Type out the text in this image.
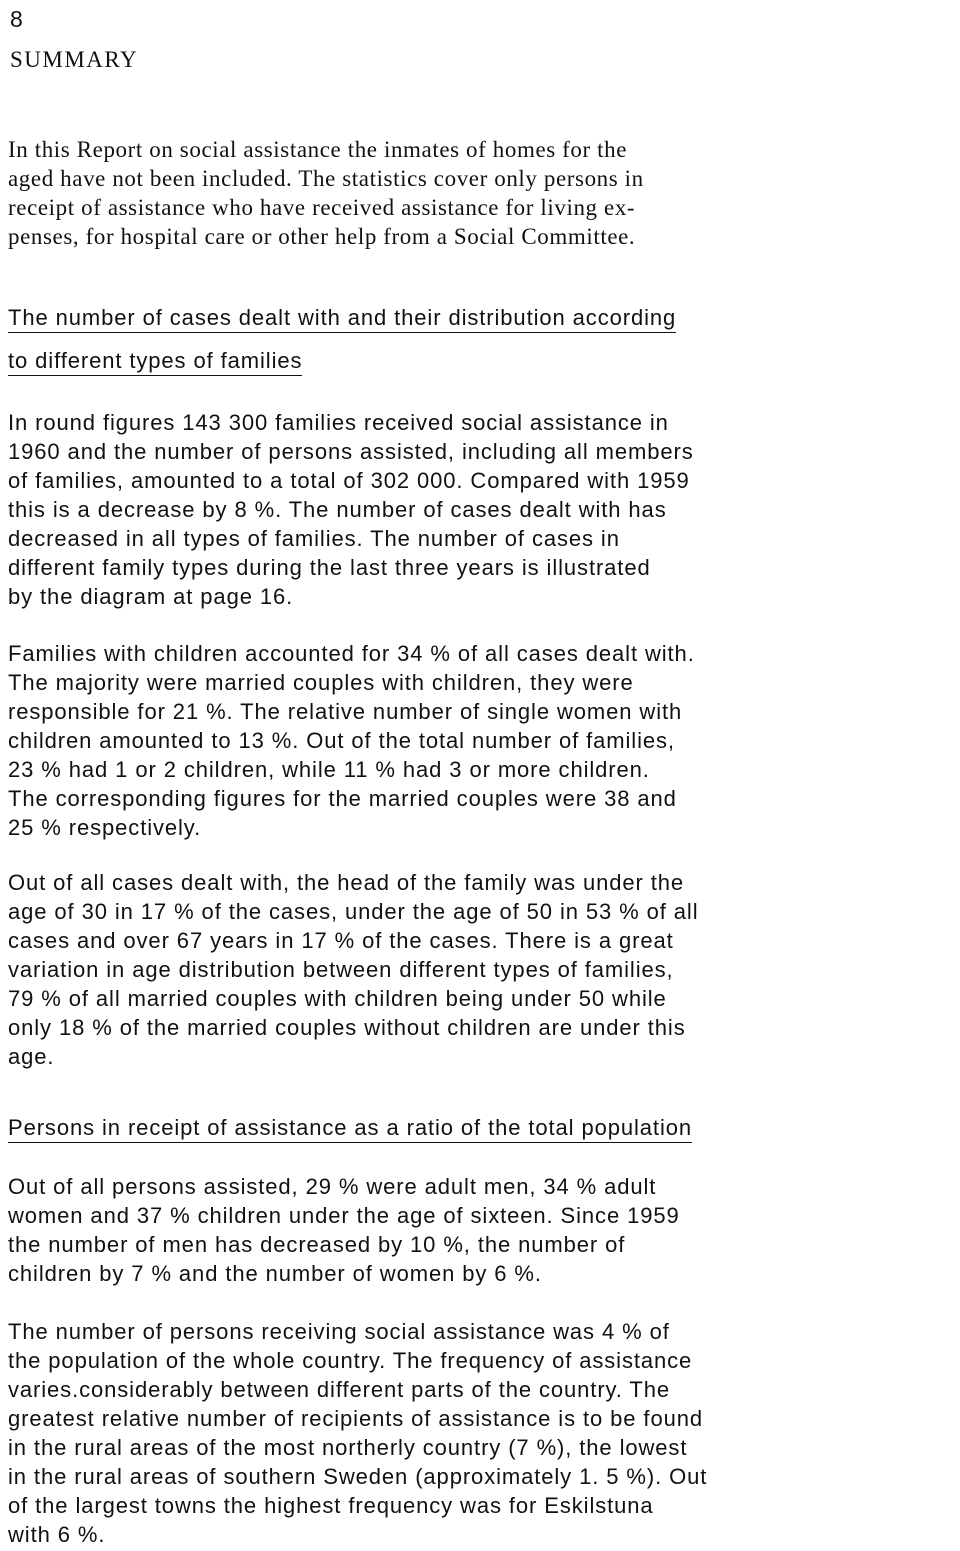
8

SUMMARY
In this Report on social assistance the inmates of homes for the
aged have not been included. The statistics cover only persons in
receipt of assistance who have received assistance for living ex-
penses, for hospital care or other help from a Social Committee.
The number of cases dealt with and their distribution according
to different types of families
In round figures 143 300 families received social assistance in
1960 and the number of persons assisted, including all members
of families, amounted to a total of 302 000. Compared with 1959
this is a decrease by 8 %. The number of cases dealt with has
decreased in all types of families. The number of cases in
different family types during the last three years is illustrated
by the diagram at page 16.
Families with children accounted for 34 % of all cases dealt with.
The majority were married couples with children, they were
responsible for 21 %. The relative number of single women with
children amounted to 13 %. Out of the total number of families,
23 % had 1 or 2 children, while 11 % had 3 or more children.
The corresponding figures for the married couples were 38 and
25 % respectively.
Out of all cases dealt with, the head of the family was under the
age of 30 in 17 % of the cases, under the age of 50 in 53 % of all
cases and over 67 years in 17 % of the cases. There is a great
variation in age distribution between different types of families,
79 % of all married couples with children being under 50 while
only 18 % of the married couples without children are under this
age.
Persons in receipt of assistance as a ratio of the total population
Out of all persons assisted, 29 % were adult men, 34 % adult
women and 37 % children under the age of sixteen. Since 1959
the number of men has decreased by 10 %, the number of
children by 7 % and the number of women by 6 %.
The number of persons receiving social assistance was 4 % of
the population of the whole country. The frequency of assistance
varies.considerably between different parts of the country. The
greatest relative number of recipients of assistance is to be found
in the rural areas of the most northerly country (7 %), the lowest
in the rural areas of southern Sweden (approximately 1. 5 %). Out
of the largest towns the highest frequency was for Eskilstuna
with 6 %.
